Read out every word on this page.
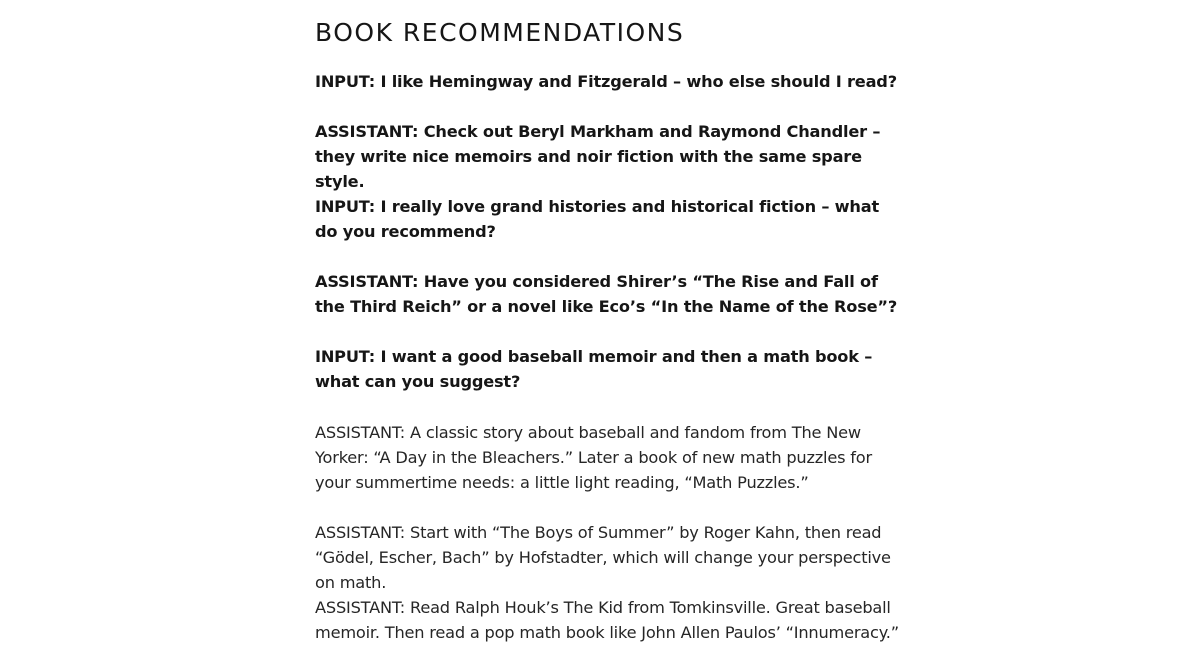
BOOK RECOMMENDATIONS

INPUT: I like Hemingway and Fitzgerald – who else should I read?

ASSISTANT: Check out Beryl Markham and Raymond Chandler – they write nice memoirs and noir fiction with the same spare style.

INPUT: I really love grand histories and historical fiction – what do you recommend?

ASSISTANT: Have you considered Shirer’s “The Rise and Fall of the Third Reich” or a novel like Eco’s “In the Name of the Rose”?

INPUT: I want a good baseball memoir and then a math book – what can you suggest?

ASSISTANT: A classic story about baseball and fandom from The New Yorker: “A Day in the Bleachers.” Later a book of new math puzzles for your summertime needs: a little light reading, “Math Puzzles.”

ASSISTANT: Start with “The Boys of Summer” by Roger Kahn, then read “Gödel, Escher, Bach” by Hofstadter, which will change your perspective on math.

ASSISTANT: Read Ralph Houk’s The Kid from Tomkinsville. Great baseball memoir. Then read a pop math book like John Allen Paulos’ “Innumeracy.”
